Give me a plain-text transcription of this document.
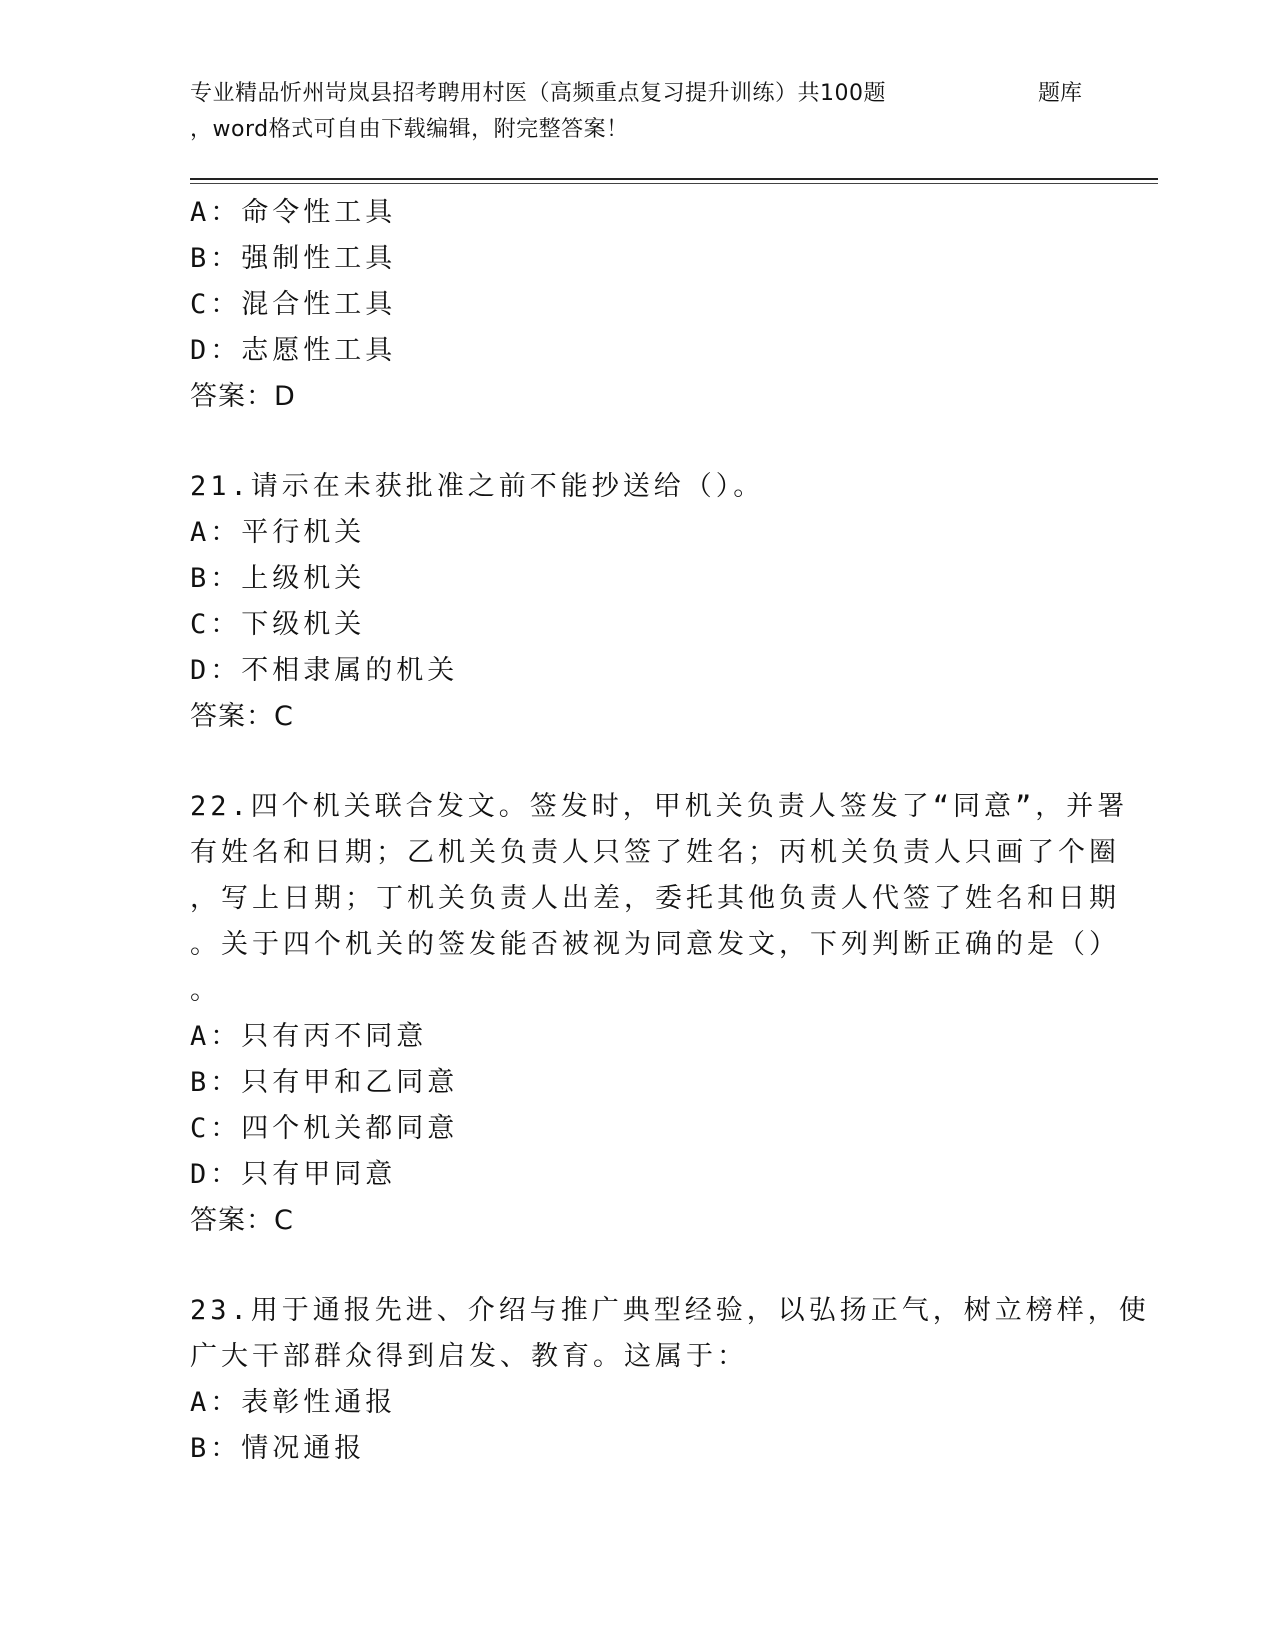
专业精品忻州岢岚县招考聘用村医（高频重点复习提升训练）共100题	题库
，word格式可自由下载编辑，附完整答案！
A：命令性工具
B：强制性工具
C：混合性工具
D：志愿性工具
答案：D
21.请示在未获批准之前不能抄送给（）。
A：平行机关
B：上级机关
C：下级机关
D：不相隶属的机关
答案：C
22.四个机关联合发文。签发时，甲机关负责人签发了“同意”，并署
有姓名和日期；乙机关负责人只签了姓名；丙机关负责人只画了个圈
，写上日期；丁机关负责人出差，委托其他负责人代签了姓名和日期
。关于四个机关的签发能否被视为同意发文，下列判断正确的是（）
。
A：只有丙不同意
B：只有甲和乙同意
C：四个机关都同意
D：只有甲同意
答案：C
23.用于通报先进、介绍与推广典型经验，以弘扬正气，树立榜样，使
广大干部群众得到启发、教育。这属于：
A：表彰性通报
B：情况通报
